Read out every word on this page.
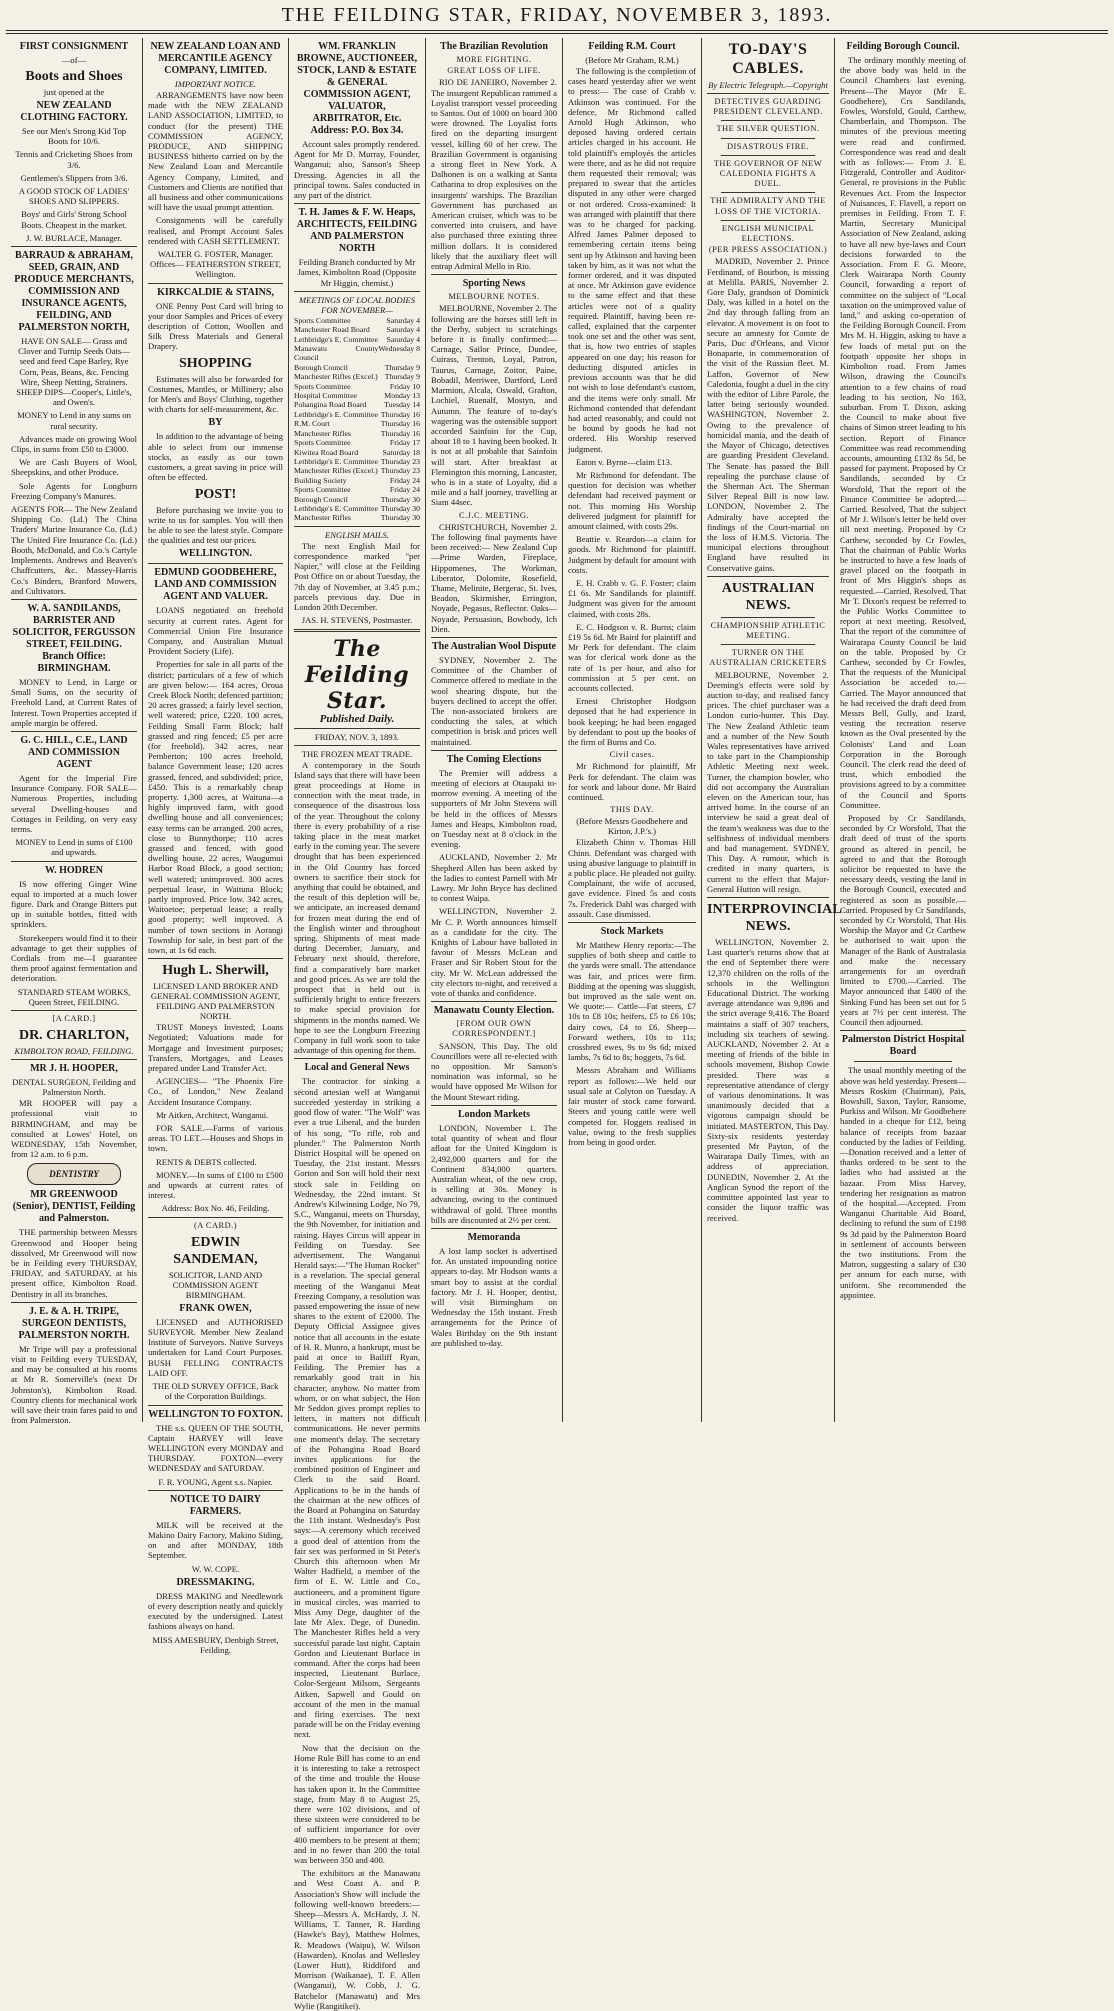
THE FEILDING STAR, FRIDAY, NOVEMBER 3, 1893.
FIRST CONSIGNMENT
—of—
Boots and Shoes
just opened at the
NEW ZEALAND CLOTHING FACTORY.

See our Men's Strong Kid Top Boots for 10/6.

Tennis and Cricketing Shoes from 3/6.

Gentlemen's Slippers from 3/6.

A GOOD STOCK OF LADIES' SHOES AND SLIPPERS.

Boys' and Girls' Strong School Boots. Cheapest in the market.

J. W. BURLACE, Manager.

BARRAUD & ABRAHAM, SEED, GRAIN, AND PRODUCE MERCHANTS, COMMISSION AND INSURANCE AGENTS, FEILDING, AND PALMERSTON NORTH,

HAVE ON SALE— Grass and Clover and Turnip Seeds Oats—seed and feed Cape Barley, Rye Corn, Peas, Beans, &c. Fencing Wire, Sheep Netting, Strainers. SHEEP DIPS—Cooper's, Little's, and Owen's.

MONEY to Lend in any sums on rural security.

Advances made on growing Wool Clips, in sums from £50 to £3000.

We are Cash Buyers of Wool, Sheepskins, and other Produce.

Sole Agents for Longburn Freezing Company's Manures.

AGENTS FOR— The New Zealand Shipping Co. (Ld.) The China Traders' Marine Insurance Co. (Ld.) The United Fire Insurance Co. (Ld.) Booth, McDonald, and Co.'s Cartyle Implements. Andrews and Beaven's Chaffcutters, &c. Massey-Harris Co.'s Binders, Branford Mowers, and Cultivators.

W. A. SANDILANDS, BARRISTER AND SOLICITOR, FERGUSSON STREET, FEILDING. Branch Office: BIRMINGHAM.

MONEY to Lend, in Large or Small Sums, on the security of Freehold Land, at Current Rates of Interest. Town Properties accepted if ample margin be offered.

G. C. HILL, C.E., LAND AND COMMISSION AGENT

Agent for the Imperial Fire Insurance Company. FOR SALE—Numerous Properties, including several Dwelling-houses and Cottages in Feilding, on very easy terms.

MONEY to Lend in sums of £100 and upwards.

W. HODREN

IS now offering Ginger Wine equal to imported at a much lower figure. Dark and Orange Bitters put up in suitable bottles, fitted with sprinklers.

Storekeepers would find it to their advantage to get their supplies of Cordials from me—I guarantee them proof against fermentation and deterioration.

STANDARD STEAM WORKS, Queen Street, FEILDING.

[A CARD.]
DR. CHARLTON,
KIMBOLTON ROAD, FEILDING.
MR J. H. HOOPER,
DENTAL SURGEON, Feilding and Palmerston North.

MR HOOPER will pay a professional visit to BIRMINGHAM, and may be consulted at Lowes' Hotel, on WEDNESDAY, 15th November, from 12 a.m. to 6 p.m.

DENTISTRY
MR GREENWOOD (Senior), DENTIST, Feilding and Palmerston.

THE partnership between Messrs Greenwood and Hooper being dissolved, Mr Greenwood will now be in Feilding every THURSDAY, FRIDAY, and SATURDAY, at his present office, Kimbolton Road. Dentistry in all its branches.

J. E. & A. H. TRIPE, SURGEON DENTISTS, PALMERSTON NORTH.

Mr Tripe will pay a professional visit to Feilding every TUESDAY, and may be consulted at his rooms at Mr R. Somerville's (next Dr Johnston's), Kimbolton Road. Country clients for mechanical work will save their train fares paid to and from Palmerston.

NEW ZEALAND LOAN AND MERCANTILE AGENCY COMPANY, LIMITED.
IMPORTANT NOTICE.

ARRANGEMENTS have now been made with the NEW ZEALAND LAND ASSOCIATION, LIMITED, to conduct (for the present) THE COMMISSION AGENCY, PRODUCE, AND SHIPPING BUSINESS hitherto carried on by the New Zealand Loan and Mercantile Agency Company, Limited, and Customers and Clients are notified that all business and other communications will have the usual prompt attention.

Consignments will be carefully realised, and Prompt Account Sales rendered with CASH SETTLEMENT.

WALTER G. FOSTER, Manager. Offices— FEATHERSTON STREET, Wellington.

KIRKCALDIE & STAINS,

ONE Penny Post Card will bring to your door Samples and Prices of every description of Cotton, Woollen and Silk Dress Materials and General Drapery.

SHOPPING

Estimates will also be forwarded for Costumes, Mantles, or Millinery; also for Men's and Boys' Clothing, together with charts for self-measurement, &c.

BY

In addition to the advantage of being able to select from our immense stocks, as easily as our town customers, a great saving in price will often be effected.

POST!

Before purchasing we invite you to write to us for samples. You will then be able to see the latest style. Compare the qualities and test our prices.

WELLINGTON.
EDMUND GOODBEHERE, LAND AND COMMISSION AGENT AND VALUER.

LOANS negotiated on freehold security at current rates. Agent for Commercial Union Fire Insurance Company, and Australian Mutual Provident Society (Life).

Properties for sale in all parts of the district; particulars of a few of which are given below:— 164 acres, Oroua Creek Block North; defenced partition; 20 acres grassed; a fairly level section, well watered; price, £220. 100 acres, Feilding Small Farm Block; half grassed and ring fenced; £5 per acre (for freehold). 342 acres, near Pemberton; 100 acres freehold, balance Government lease; 120 acres grassed, fenced, and subdivided; price, £450. This is a remarkably cheap property. 1,300 acres, at Waituna—a highly improved farm, with good dwelling house and all conveniences; easy terms can be arranged. 200 acres, close to Bunnythorpe; 110 acres grassed and fenced, with good dwelling house. 22 acres, Waugumui Harbor Road Block, a good section; well watered; unimproved. 300 acres perpetual lease, in Waituna Block; partly improved. Price low. 342 acres, Waitoetoe; perpetual lease; a really good property; well improved. A number of town sections in Aorangi Township for sale, in best part of the town, at 1s 6d each.

Hugh L. Sherwill,
LICENSED LAND BROKER AND GENERAL COMMISSION AGENT, FEILDING AND PALMERSTON NORTH.

TRUST Moneys Invested; Loans Negotiated; Valuations made for Mortgage and Investment purposes; Transfers, Mortgages, and Leases prepared under Land Transfer Act.

AGENCIES— "The Phoenix Fire Co., of London," New Zealand Accident Insurance Company.

Mr Aitken, Architect, Wanganui.

FOR SALE.—Farms of various areas. TO LET.—Houses and Shops in town.

RENTS & DEBTS collected.

MONEY.—In sums of £100 to £500 and upwards at current rates of interest.

Address: Box No. 46, Feilding.

(A CARD.)
EDWIN SANDEMAN,
SOLICITOR, LAND AND COMMISSION AGENT BIRMINGHAM.
FRANK OWEN,

LICENSED and AUTHORISED SURVEYOR. Member New Zealand Institute of Surveyors. Native Surveys undertaken for Land Court Purposes. BUSH FELLING CONTRACTS LAID OFF.

THE OLD SURVEY OFFICE, Back of the Corporation Buildings.

WELLINGTON TO FOXTON.

THE s.s. QUEEN OF THE SOUTH, Captain HARVEY will leave WELLINGTON every MONDAY and THURSDAY. FOXTON—every WEDNESDAY and SATURDAY.

F. R. YOUNG, Agent s.s. Napier.

NOTICE TO DAIRY FARMERS.

MILK will be received at the Makino Dairy Factory, Makino Siding, on and after MONDAY, 18th September.

W. W. COPE.

DRESSMAKING.

DRESS MAKING and Needlework of every description neatly and quickly executed by the undersigned. Latest fashions always on hand.

MISS AMESBURY, Denbigh Street, Feilding.

WM. FRANKLIN BROWNE, AUCTIONEER, STOCK, LAND & ESTATE & GENERAL COMMISSION AGENT, VALUATOR, ARBITRATOR, Etc. Address: P.O. Box 34.

Account sales promptly rendered. Agent for Mr D. Murray, Founder, Wanganui; also, Sanson's Sheep Dressing. Agencies in all the principal towns. Sales conducted in any part of the district.

T. H. James & F. W. Heaps, ARCHITECTS, FEILDING AND PALMERSTON NORTH

Feilding Branch conducted by Mr James, Kimbolton Road (Opposite Mr Higgin, chemist.)

MEETINGS OF LOCAL BODIES FOR NOVEMBER—
Sports Committee	Saturday 4
Manchester Road Board Saturday 4
Lethbridge's E. Committee Saturday 4
Manawatu County Council
Wednesday 8
Borough Council	Thursday 9
Manchester Rifles (Excel.) Thursday 9
Sports Committee	Friday 10
Hospital Committee	Monday 13
Pohangina Road Board Tuesday 14
Lethbridge's E. Committee Thursday 16
R.M. Court	Thursday 16
Manchester Rifles	Thursday 16
Sports Committee	Friday 17
Kiwitea Road Board	Saturday 18
Lethbridge's E. Committee Thursday 23
Manchester Rifles (Excel.) Thursday 23
Building Society	Friday 24
Sports Committee	Friday 24
Borough Council	Thursday 30
Lethbridge's E. Committee Thursday 30
Manchester Rifles	Thursday 30
ENGLISH MAILS.

The next English Mail for correspondence marked "per Napier," will close at the Feilding Post Office on or about Tuesday, the 7th day of November, at 3.45 p.m.; parcels previous day. Due in London 20th December.

JAS. H. STEVENS, Postmaster.

The Feilding Star.
Published Daily.
FRIDAY, NOV. 3, 1893.
THE FROZEN MEAT TRADE.

A contemporary in the South Island says that there will have been great proceedings at Home in connection with the meat trade, in consequence of the disastrous loss of the year. Throughout the colony there is every probability of a rise taking place in the meat market early in the coming year. The severe drought that has been experienced in the Old Country has forced owners to sacrifice their stock for anything that could be obtained, and the result of this depletion will be, we anticipate, an increased demand for frozen meat during the end of the English winter and throughout spring. Shipments of meat made during December, January, and February next should, therefore, find a comparatively bare market and good prices. As we are told the prospect that is held out is sufficiently bright to entice freezers to make special provision for shipments in the months named. We hope to see the Longburn Freezing Company in full work soon to take advantage of this opening for them.

Local and General News

The contractor for sinking a second artesian well at Wanganui succeeded yesterday in striking a good flow of water. "The Wolf" was ever a true Liberal, and the burden of his song, "To rifle, rob and plunder." The Palmerston North District Hospital will be opened on Tuesday, the 21st instant. Messrs Gorton and Son will hold their next stock sale in Feilding on Wednesday, the 22nd instant. St Andrew's Kilwinning Lodge, No 79, S.C., Wanganui, meets on Thursday, the 9th November, for initiation and raising. Hayes Circus will appear in Feilding on Tuesday. See advertisement. The Wanganui Herald says:—"The Human Rocket" is a revelation. The special general meeting of the Wanganui Meat Freezing Company, a resolution was passed empowering the issue of new shares to the extent of £2000. The Deputy Official Assignee gives notice that all accounts in the estate of H. R. Munro, a bankrupt, must be paid at once to Bailiff Ryan, Feilding. The Premier has a remarkably good trait in his character, anyhow. No matter from whom, or on what subject, the Hon Mr Seddon gives prompt replies to letters, in matters not difficult communications. He never permits one moment's delay. The secretary of the Pohangina Road Board invites applications for the combined position of Engineer and Clerk to the said Board. Applications to be in the hands of the chairman at the new offices of the Board at Pohangina on Saturday the 11th instant. Wednesday's Post says:—A ceremony which received a good deal of attention from the fair sex was performed in St Peter's Church this afternoon when Mr Walter Hadfield, a member of the firm of E. W. Little and Co., auctioneers, and a prominent figure in musical circles, was married to Miss Amy Dege, daughter of the late Mr Alex. Dege, of Dunedin. The Manchester Rifles held a very successful parade last night. Captain Gordon and Lieutenant Burlace in command. After the corps had been inspected, Lieutenant Burlace, Color-Sergeant Milsom, Sergeants Aitken, Sapwell and Gould on account of the men in the manual and firing exercises. The next parade will be on the Friday evening next.

Now that the decision on the Home Rule Bill has come to an end it is interesting to take a retrospect of the time and trouble the House has taken upon it. In the Committee stage, from May 8 to August 25, there were 102 divisions, and of these sixteen were considered to be of sufficient importance for over 400 members to be present at them; and in no fewer than 200 the total was between 350 and 400.

The exhibitors at the Manawatu and West Coast A. and P. Association's Show will include the following well-known breeders:—Sheep—Messrs A. McHardy, J. N. Williams, T. Tanner, R. Harding (Hawke's Bay), Matthew Holmes, R. Meadows (Waipu), W. Wilson (Hawarden), Knolas and Wellesley (Lower Hutt), Riddiford and Morrison (Waikanae), T. F. Allen (Wanganui), W. Cobb, J. G. Batchelor (Manawatu) and Mrs Wylie (Rangitikei).

The Brazilian Revolution
MORE FIGHTING.
GREAT LOSS OF LIFE.

RIO DE JANEIRO, November 2. The insurgent Republican rammed a Loyalist transport vessel proceeding to Santos. Out of 1000 on board 300 were drowned. The Loyalist forts fired on the departing insurgent vessel, killing 60 of her crew. The Brazilian Government is organising a strong fleet in New York. A Dalhonen is on a walking at Santa Catharina to drop explosives on the insurgents' warships. The Brazilian Government has purchased an American cruiser, which was to be converted into cruisers, and have also purchased three existing three million dollars. It is considered likely that the auxiliary fleet will entrap Admiral Mello in Rio.

Sporting News
MELBOURNE NOTES.

MELBOURNE, November 2. The following are the horses still left in the Derby, subject to scratchings before it is finally confirmed:—Carnage, Sailor Prince, Dundee, Cuirass, Trenton, Loyal, Patron, Taurus, Carnage, Zoitor, Paine, Bobadil, Merriwee, Dartford, Lord Marmion, Alcala, Oswald, Grafton, Lochiel, Ruenalf, Mostyn, and Autumn. The feature of to-day's wagering was the ostensible support accorded Sainfoin for the Cup, about 18 to 1 having been booked. It is not at all probable that Sainfoin will start. After breakfast at Flemington this morning, Lancaster, who is in a state of Loyalty, did a mile and a half journey, travelling at Siam 44sec.

C.J.C. MEETING.

CHRISTCHURCH, November 2. The following final payments have been received:— New Zealand Cup—Prime Warden, Fireplace, Hippomenes, The Workman, Liberator, Dolomite, Rosefield, Thame, Melinite, Bergerac, St. Ives, Beadon, Skirmisher, Errington, Noyade, Pegasus, Reflector. Oaks—Noyade, Persuasion, Bowbody, Ich Dien.

The Australian Wool Dispute

SYDNEY, November 2. The Committee of the Chamber of Commerce offered to mediate in the wool shearing dispute, but the buyers declined to accept the offer. The non-associated brokers are conducting the sales, at which competition is brisk and prices well maintained.

The Coming Elections

The Premier will address a meeting of electors at Otaupaki to-morrow evening. A meeting of the supporters of Mr John Stevens will be held in the offices of Messrs James and Heaps, Kimbolton road, on Tuesday next at 8 o'clock in the evening.

AUCKLAND, November 2. Mr Shepherd Allen has been asked by the ladies to contest Parnell with Mr Lawry. Mr John Bryce has declined to contest Waipa.

WELLINGTON, November 2. Mr C. P. Worth announces himself as a candidate for the city. The Knights of Labour have balloted in favour of Messrs McLean and Fraser and Sir Robert Stout for the city. Mr W. McLean addressed the city electors to-night, and received a vote of thanks and confidence.

Manawatu County Election.
[FROM OUR OWN CORRESPONDENT.]

SANSON, This Day. The old Councillors were all re-elected with no opposition. Mr Sanson's nomination was informal, so he would have opposed Mr Wilson for the Mount Stewart riding.

London Markets

LONDON, November 1. The total quantity of wheat and flour afloat for the United Kingdom is 2,492,000 quarters and for the Continent 834,000 quarters. Australian wheat, of the new crop, is selling at 30s. Money is advancing, owing to the continued withdrawal of gold. Three months bills are discounted at 2½ per cent.

Memoranda

A lost lamp socket is advertised for. An unstated impounding notice appears to-day. Mr Hodson wants a smart boy to assist at the cordial factory. Mr J. H. Hooper, dentist, will visit Birmingham on Wednesday the 15th instant. Fresh arrangements for the Prince of Wales Birthday on the 9th instant are published to-day.

Feilding R.M. Court
(Before Mr Graham, R.M.)

The following is the completion of cases heard yesterday after we went to press:— The case of Crabb v. Atkinson was continued. For the defence, Mr Richmond called Arnold Hugh Atkinson, who deposed having ordered certain articles charged in his account. He told plaintiff's employés the articles were there, and as he did not require them requested their removal; was prepared to swear that the articles disputed in any other were charged or not ordered. Cross-examined: It was arranged with plaintiff that there was to be charged for packing. Alfred James Palmer deposed to remembering certain items being sent up by Atkinson and having been taken by him, as it was not what the former ordered, and it was disputed at once. Mr Atkinson gave evidence to the same effect and that these articles were not of a quality required. Plaintiff, having been re-called, explained that the carpenter took one set and the other was sent, that is, how two entries of staples appeared on one day; his reason for deducting disputed articles in previous accounts was that he did not wish to lose defendant's custom, and the items were only small. Mr Richmond contended that defendant had acted reasonably, and could not be bound by goods he had not ordered. His Worship reserved judgment.

Eaton v. Byrne—claim £13.

Mr Richmond for defendant. The question for decision was whether defendant had received payment or not. This morning His Worship delivered judgment for plaintiff for amount claimed, with costs 29s.

Beattie v. Reardon—a claim for goods. Mr Richmond for plaintiff. Judgment by default for amount with costs.

E. H. Crabb v. G. F. Foster; claim £1 6s. Mr Sandilands for plaintiff. Judgment was given for the amount claimed, with costs 28s.

E. C. Hodgson v. R. Burns; claim £19 5s 6d. Mr Baird for plaintiff and Mr Perk for defendant. The claim was for clerical work done as the rate of 1s per hour, and also for commission at 5 per cent. on accounts collected.

Ernest Christopher Hodgson deposed that he had experience in book keeping; he had been engaged by defendant to post up the books of the firm of Burns and Co.

Civil cases.

Mr Richmond for plaintiff, Mr Perk for defendant. The claim was for work and labour done. Mr Baird continued.

THIS DAY.
(Before Messrs Goodbehere and Kirton, J.P.'s.)

Elizabeth Chinn v. Thomas Hill Chinn. Defendant was charged with using abusive language to plaintiff in a public place. He pleaded not guilty. Complainant, the wife of accused, gave evidence. Fined 5s and costs 7s. Frederick Dahl was charged with assault. Case dismissed.

Stock Markets

Mr Matthew Henry reports:—The supplies of both sheep and cattle to the yards were small. The attendance was fair, and prices were firm. Bidding at the opening was sluggish, but improved as the sale went on. We quote:— Cattle—Fat steers, £7 10s to £8 10s; heifers, £5 to £6 10s; dairy cows, £4 to £6. Sheep—Forward wethers, 10s to 11s; crossbred ewes, 9s to 9s 6d; mixed lambs, 7s 6d to 8s; hoggets, 7s 6d.

Messrs Abraham and Williams report as follows:—We held our usual sale at Colyton on Tuesday. A fair muster of stock came forward. Steers and young cattle were well competed for. Hoggets realised in value, owing to the fresh supplies from being in good order.

TO-DAY'S CABLES.
By Electric Telegraph.—Copyright
DETECTIVES GUARDING PRESIDENT CLEVELAND.
THE SILVER QUESTION.
DISASTROUS FIRE.
THE GOVERNOR OF NEW CALEDONIA FIGHTS A DUEL.
THE ADMIRALTY AND THE LOSS OF THE VICTORIA.
ENGLISH MUNICIPAL ELECTIONS.
(PER PRESS ASSOCIATION.)

MADRID, November 2. Prince Ferdinand, of Bourbon, is missing at Melilla. PARIS, November 2. Gore Daly, grandson of Dominick Daly, was killed in a hotel on the 2nd day through falling from an elevator. A movement is on foot to secure an amnesty for Comte de Paris, Duc d'Orleans, and Victor Bonaparte, in commemoration of the visit of the Russian fleet. M. Laffon, Governor of New Caledonia, fought a duel in the city with the editor of Libre Parole, the latter being seriously wounded. WASHINGTON, November 2. Owing to the prevalence of homicidal mania, and the death of the Mayor of Chicago, detectives are guarding President Cleveland. The Senate has passed the Bill repealing the purchase clause of the Sherman Act. The Sherman Silver Repeal Bill is now law. LONDON, November 2. The Admiralty have accepted the findings of the Court-martial on the loss of H.M.S. Victoria. The municipal elections throughout England have resulted in Conservative gains.

AUSTRALIAN NEWS.
CHAMPIONSHIP ATHLETIC MEETING.
TURNER ON THE AUSTRALIAN CRICKETERS

MELBOURNE, November 2. Deeming's effects were sold by auction to-day, and realised fancy prices. The chief purchaser was a London curio-hunter. This Day. The New Zealand Athletic team and a number of the New South Wales representatives have arrived to take part in the Championship Athletic Meeting next week. Turner, the champion bowler, who did not accompany the Australian eleven on the American tour, has arrived home. In the course of an interview he said a great deal of the team's weakness was due to the selfishness of individual members and bad management. SYDNEY, This Day. A rumour, which is credited in many quarters, is current to the effect that Major-General Hutton will resign.

INTERPROVINCIAL NEWS.

WELLINGTON, November 2. Last quarter's returns show that at the end of September there were 12,370 children on the rolls of the schools in the Wellington Educational District. The working average attendance was 9,896 and the strict average 9,416. The Board maintains a staff of 307 teachers, including six teachers of sewing. AUCKLAND, November 2. At a meeting of friends of the bible in schools movement, Bishop Cowie presided. There was a representative attendance of clergy of various denominations. It was unanimously decided that a vigorous campaign should be initiated. MASTERTON, This Day. Sixty-six residents yesterday presented Mr Payton, of the Wairarapa Daily Times, with an address of appreciation. DUNEDIN, November 2. At the Anglican Synod the report of the committee appointed last year to consider the liquor traffic was received.

Feilding Borough Council.

The ordinary monthly meeting of the above body was held in the Council Chambers last evening. Present—The Mayor (Mr E. Goodbehere), Crs Sandilands, Fowles, Worsfold, Gould, Carthew, Chamberlain, and Thompson. The minutes of the previous meeting were read and confirmed. Correspondence was read and dealt with as follows:— From J. E. Fitzgerald, Controller and Auditor-General, re provisions in the Public Revenues Act. From the Inspector of Nuisances, F. Flavell, a report on premises in Feilding. From T. F. Martin, Secretary Municipal Association of New Zealand, asking to have all new bye-laws and Court decisions forwarded to the Association. From F. G. Moore, Clerk Wairarapa North County Council, forwarding a report of committee on the subject of "Local taxation on the unimproved value of land," and asking co-operation of the Feilding Borough Council. From Mrs M. H. Higgin, asking to have a few loads of metal put on the footpath opposite her shops in Kimbolton road. From James Wilson, drawing the Council's attention to a few chains of road leading to his section, No 163, suburban. From T. Dixon, asking the Council to make about five chains of Simon street leading to his section. Report of Finance Committee was read recommending accounts, amounting £132 8s 5d, be passed for payment. Proposed by Cr Sandilands, seconded by Cr Worsfold, That the report of the Finance Committee be adopted.—Carried. Resolved, That the subject of Mr J. Wilson's letter be held over till next meeting. Proposed by Cr Carthew, seconded by Cr Fowles, That the chairman of Public Works be instructed to have a few loads of gravel placed on the footpath in front of Mrs Higgin's shops as requested.—Carried. Resolved, That Mr T. Dixon's request be referred to the Public Works Committee to report at next meeting. Resolved, That the report of the committee of Wairarapa County Council be laid on the table. Proposed by Cr Carthew, seconded by Cr Fowles, That the requests of the Municipal Association be acceded to.—Carried. The Mayor announced that he had received the draft deed from Messrs Bell, Gully, and Izard, vesting the recreation reserve known as the Oval presented by the Colonists' Land and Loan Corporation in the Borough Council. The clerk read the deed of trust, which embodied the provisions agreed to by a committee of the Council and Sports Committee.

Proposed by Cr Sandilands, seconded by Cr Worsfold, That the draft deed of trust of the sports ground as altered in pencil, be agreed to and that the Borough solicitor be requested to have the necessary deeds, vesting the land in the Borough Council, executed and registered as soon as possible.—Carried. Proposed by Cr Sandilands, seconded by Cr Worsfold, That His Worship the Mayor and Cr Carthew be authorised to wait upon the Manager of the Bank of Australasia and make the necessary arrangements for an overdraft limited to £700.—Carried. The Mayor announced that £400 of the Sinking Fund has been set out for 5 years at 7½ per cent interest. The Council then adjourned.

Palmerston District Hospital Board

The usual monthly meeting of the above was held yesterday. Present—Messrs Roskim (Chairman), Pais, Bowshill, Saxon, Taylor, Ransome, Purkiss and Wilson. Mr Goodbehere handed in a cheque for £12, being balance of receipts from bazaar conducted by the ladies of Feilding.—Donation received and a letter of thanks ordered to be sent to the ladies who had assisted at the bazaar. From Miss Harvey, tendering her resignation as matron of the hospital.—Accepted. From Wanganui Charitable Aid Board, declining to refund the sum of £198 9s 3d paid by the Palmerston Board in settlement of accounts between the two institutions. From the Matron, suggesting a salary of £30 per annum for each nurse, with uniform. She recommended the appointee.
